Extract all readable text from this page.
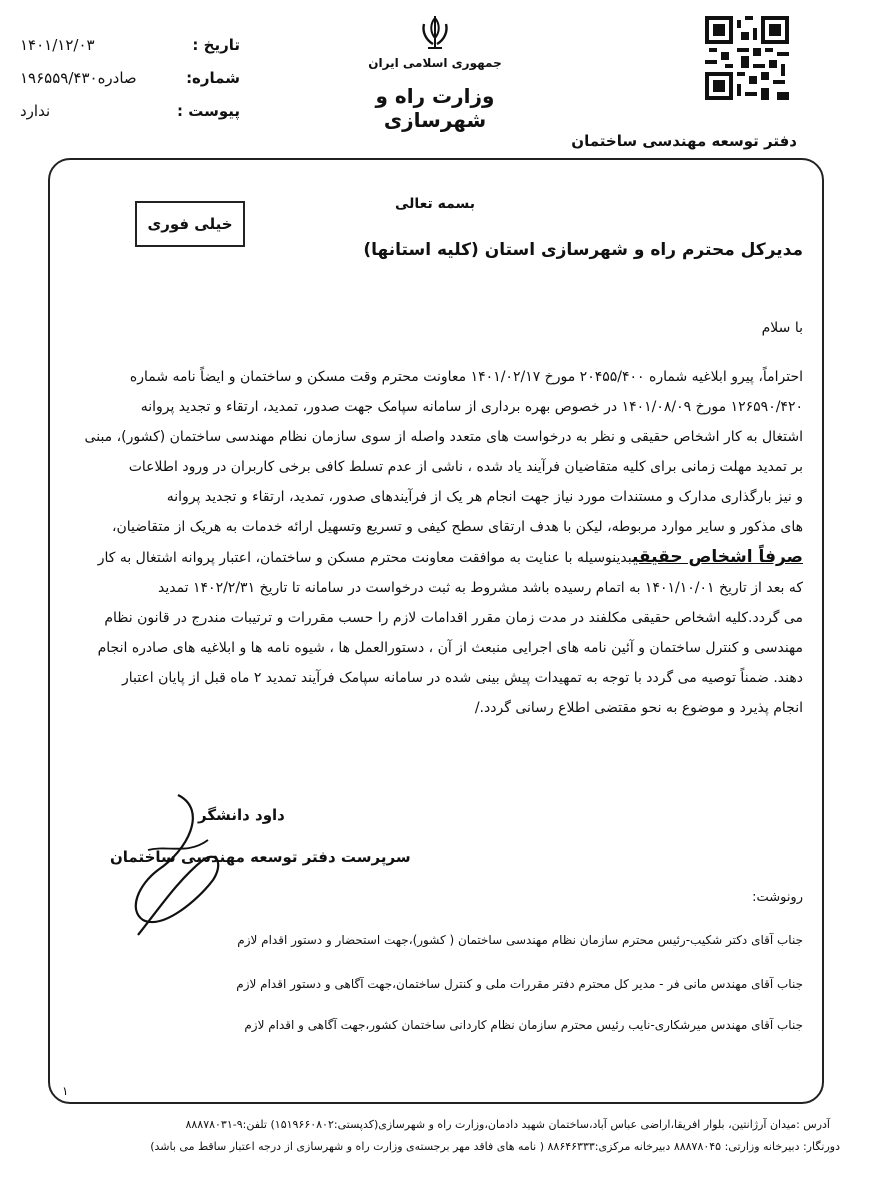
تاریخ :
۱۴۰۱/۱۲/۰۳
شماره:
۱۹۶۵۵۹/۴۳۰صادره
پیوست :
ندارد
جمهوری اسلامی ایران
وزارت راه و شهرسازی
دفتر توسعه مهندسی ساختمان
بسمه تعالی
خیلی فوری
مدیرکل محترم راه و شهرسازی استان (کلیه استانها)
با سلام
احتراماً، پیرو ابلاغیه شماره ۲۰۴۵۵/۴۰۰ مورخ ۱۴۰۱/۰۲/۱۷ معاونت محترم وقت مسکن و ساختمان و ایضاً نامه شماره
۱۲۶۵۹۰/۴۲۰ مورخ ۱۴۰۱/۰۸/۰۹ در خصوص بهره برداری از سامانه سپامک جهت صدور، تمدید، ارتقاء و تجدید پروانه
اشتغال به کار اشخاص حقیقی و نظر به درخواست های متعدد واصله از سوی سازمان نظام مهندسی ساختمان (کشور)، مبنی
بر تمدید مهلت زمانی برای کلیه متقاضیان فرآیند یاد شده ، ناشی از عدم تسلط کافی برخی کاربران در ورود اطلاعات
و نیز بارگذاری مدارک و مستندات مورد نیاز جهت انجام هر یک از فرآیندهای صدور، تمدید، ارتقاء و تجدید پروانه
های مذکور و سایر موارد مربوطه، لیکن با هدف ارتقای سطح کیفی و تسریع وتسهیل ارائه خدمات به هریک از متقاضیان،
صرفاً اشخاص حقیقیبدینوسیله با عنایت به موافقت معاونت محترم مسکن و ساختمان، اعتبار پروانه اشتغال به کار
که بعد از تاریخ ۱۴۰۱/۱۰/۰۱ به اتمام رسیده باشد مشروط به ثبت درخواست در سامانه تا تاریخ ۱۴۰۲/۲/۳۱ تمدید
می گردد.کلیه اشخاص حقیقی مکلفند در مدت زمان مقرر اقدامات لازم را حسب مقررات و ترتیبات مندرج در قانون نظام
مهندسی و کنترل ساختمان و آئین نامه های اجرایی منبعث از آن ، دستورالعمل ها ، شیوه نامه ها و ابلاغیه های صادره انجام
دهند. ضمناً توصیه می گردد با توجه به تمهیدات پیش بینی شده در سامانه سپامک فرآیند تمدید ۲ ماه قبل از پایان اعتبار
انجام پذیرد و موضوع به نحو مقتضی اطلاع رسانی گردد./
داود دانشگر
سرپرست دفتر توسعه مهندسی ساختمان
رونوشت:
جناب آقای دکتر شکیب-رئیس محترم سازمان نظام مهندسی ساختمان ( کشور)،جهت استحضار و دستور اقدام لازم
جناب آقای مهندس مانی فر - مدیر کل محترم دفتر مقررات ملی و کنترل ساختمان،جهت آگاهی و دستور اقدام لازم
جناب آقای مهندس میرشکاری-نایب رئیس محترم سازمان نظام کاردانی ساختمان کشور،جهت آگاهی و اقدام لازم
۱
آدرس :میدان آرژانتین، بلوار افریقا،اراضی عباس آباد،ساختمان شهید دادمان،وزارت راه و شهرسازی(کدپستی:۱۵۱۹۶۶۰۸۰۲) تلفن:۹-۸۸۸۷۸۰۳۱
دورنگار: دبیرخانه وزارتی: ۸۸۸۷۸۰۴۵ دبیرخانه مرکزی:۸۸۶۴۶۳۳۳ ( نامه های فاقد مهر برجسته‌ی وزارت راه و شهرسازی از درجه اعتبار ساقط می باشد)
